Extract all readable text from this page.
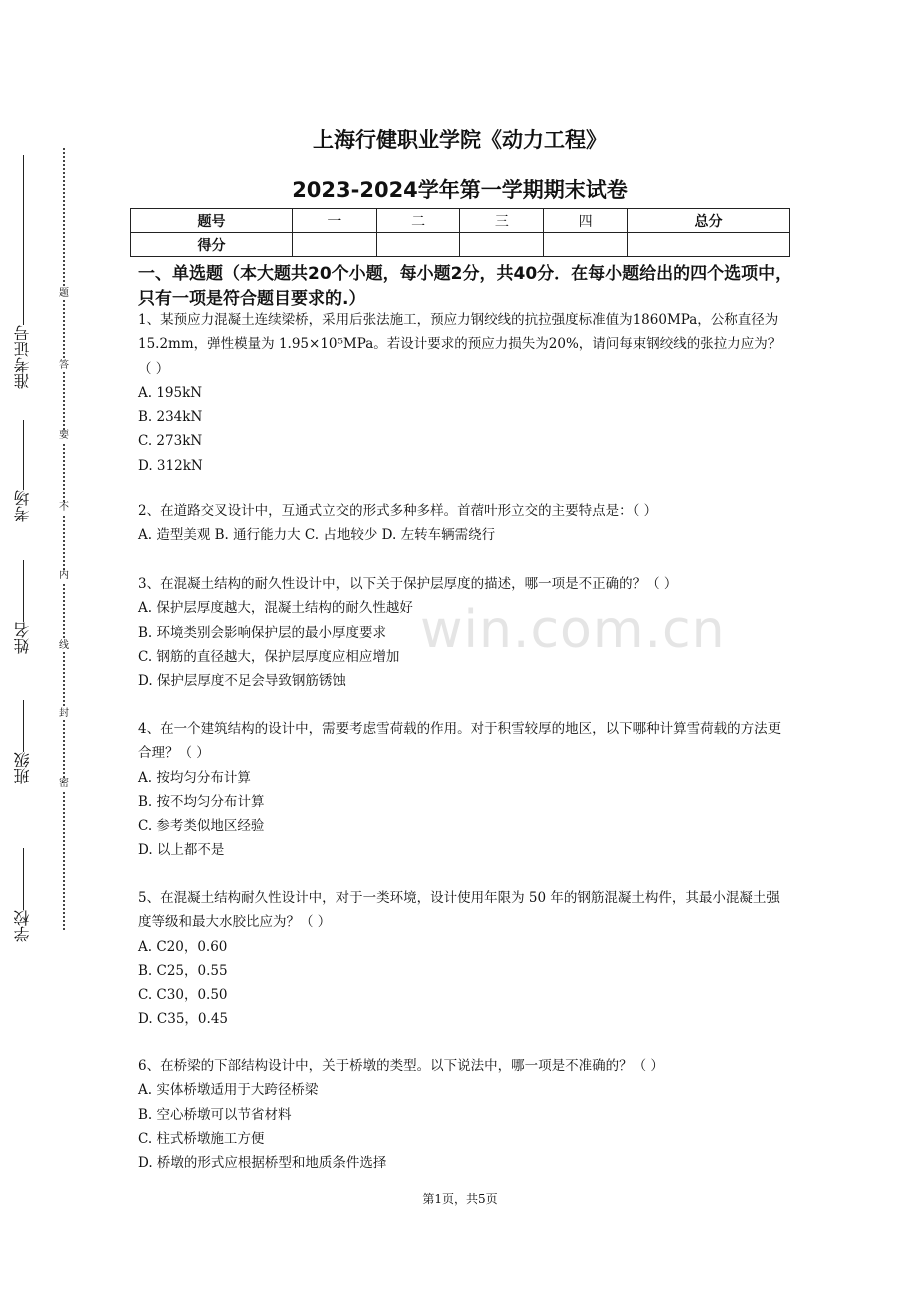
准考证号
考场
姓名
班级
学校
题
答
要
不
内
线
封
密
上海行健职业学院《动力工程》
2023-2024学年第一学期期末试卷
题号	一	二	三	四	总分
得分					
一、单选题（本大题共20个小题，每小题2分，共40分．在每小题给出的四个选项中，只有一项是符合题目要求的.）

1、某预应力混凝土连续梁桥，采用后张法施工，预应力钢绞线的抗拉强度标准值为1860MPa，公称直径为 15.2mm，弹性模量为 1.95×10⁵MPa。若设计要求的预应力损失为20%，请问每束钢绞线的张拉力应为？（ ）

A. 195kN

B. 234kN

C. 273kN

D. 312kN

2、在道路交叉设计中，互通式立交的形式多种多样。首蓿叶形立交的主要特点是：（ ）

A. 造型美观 B. 通行能力大 C. 占地较少 D. 左转车辆需绕行

3、在混凝土结构的耐久性设计中，以下关于保护层厚度的描述，哪一项是不正确的？（ ）

A. 保护层厚度越大，混凝土结构的耐久性越好

B. 环境类别会影响保护层的最小厚度要求

C. 钢筋的直径越大，保护层厚度应相应增加

D. 保护层厚度不足会导致钢筋锈蚀

4、在一个建筑结构的设计中，需要考虑雪荷载的作用。对于积雪较厚的地区，以下哪种计算雪荷载的方法更合理？（ ）

A. 按均匀分布计算

B. 按不均匀分布计算

C. 参考类似地区经验

D. 以上都不是

5、在混凝土结构耐久性设计中，对于一类环境，设计使用年限为 50 年的钢筋混凝土构件，其最小混凝土强度等级和最大水胶比应为？（ ）

A. C20，0.60

B. C25，0.55

C. C30，0.50

D. C35，0.45

6、在桥梁的下部结构设计中，关于桥墩的类型。以下说法中，哪一项是不准确的？（ ）

A. 实体桥墩适用于大跨径桥梁

B. 空心桥墩可以节省材料

C. 柱式桥墩施工方便

D. 桥墩的形式应根据桥型和地质条件选择

win.com.cn
第1页，共5页
